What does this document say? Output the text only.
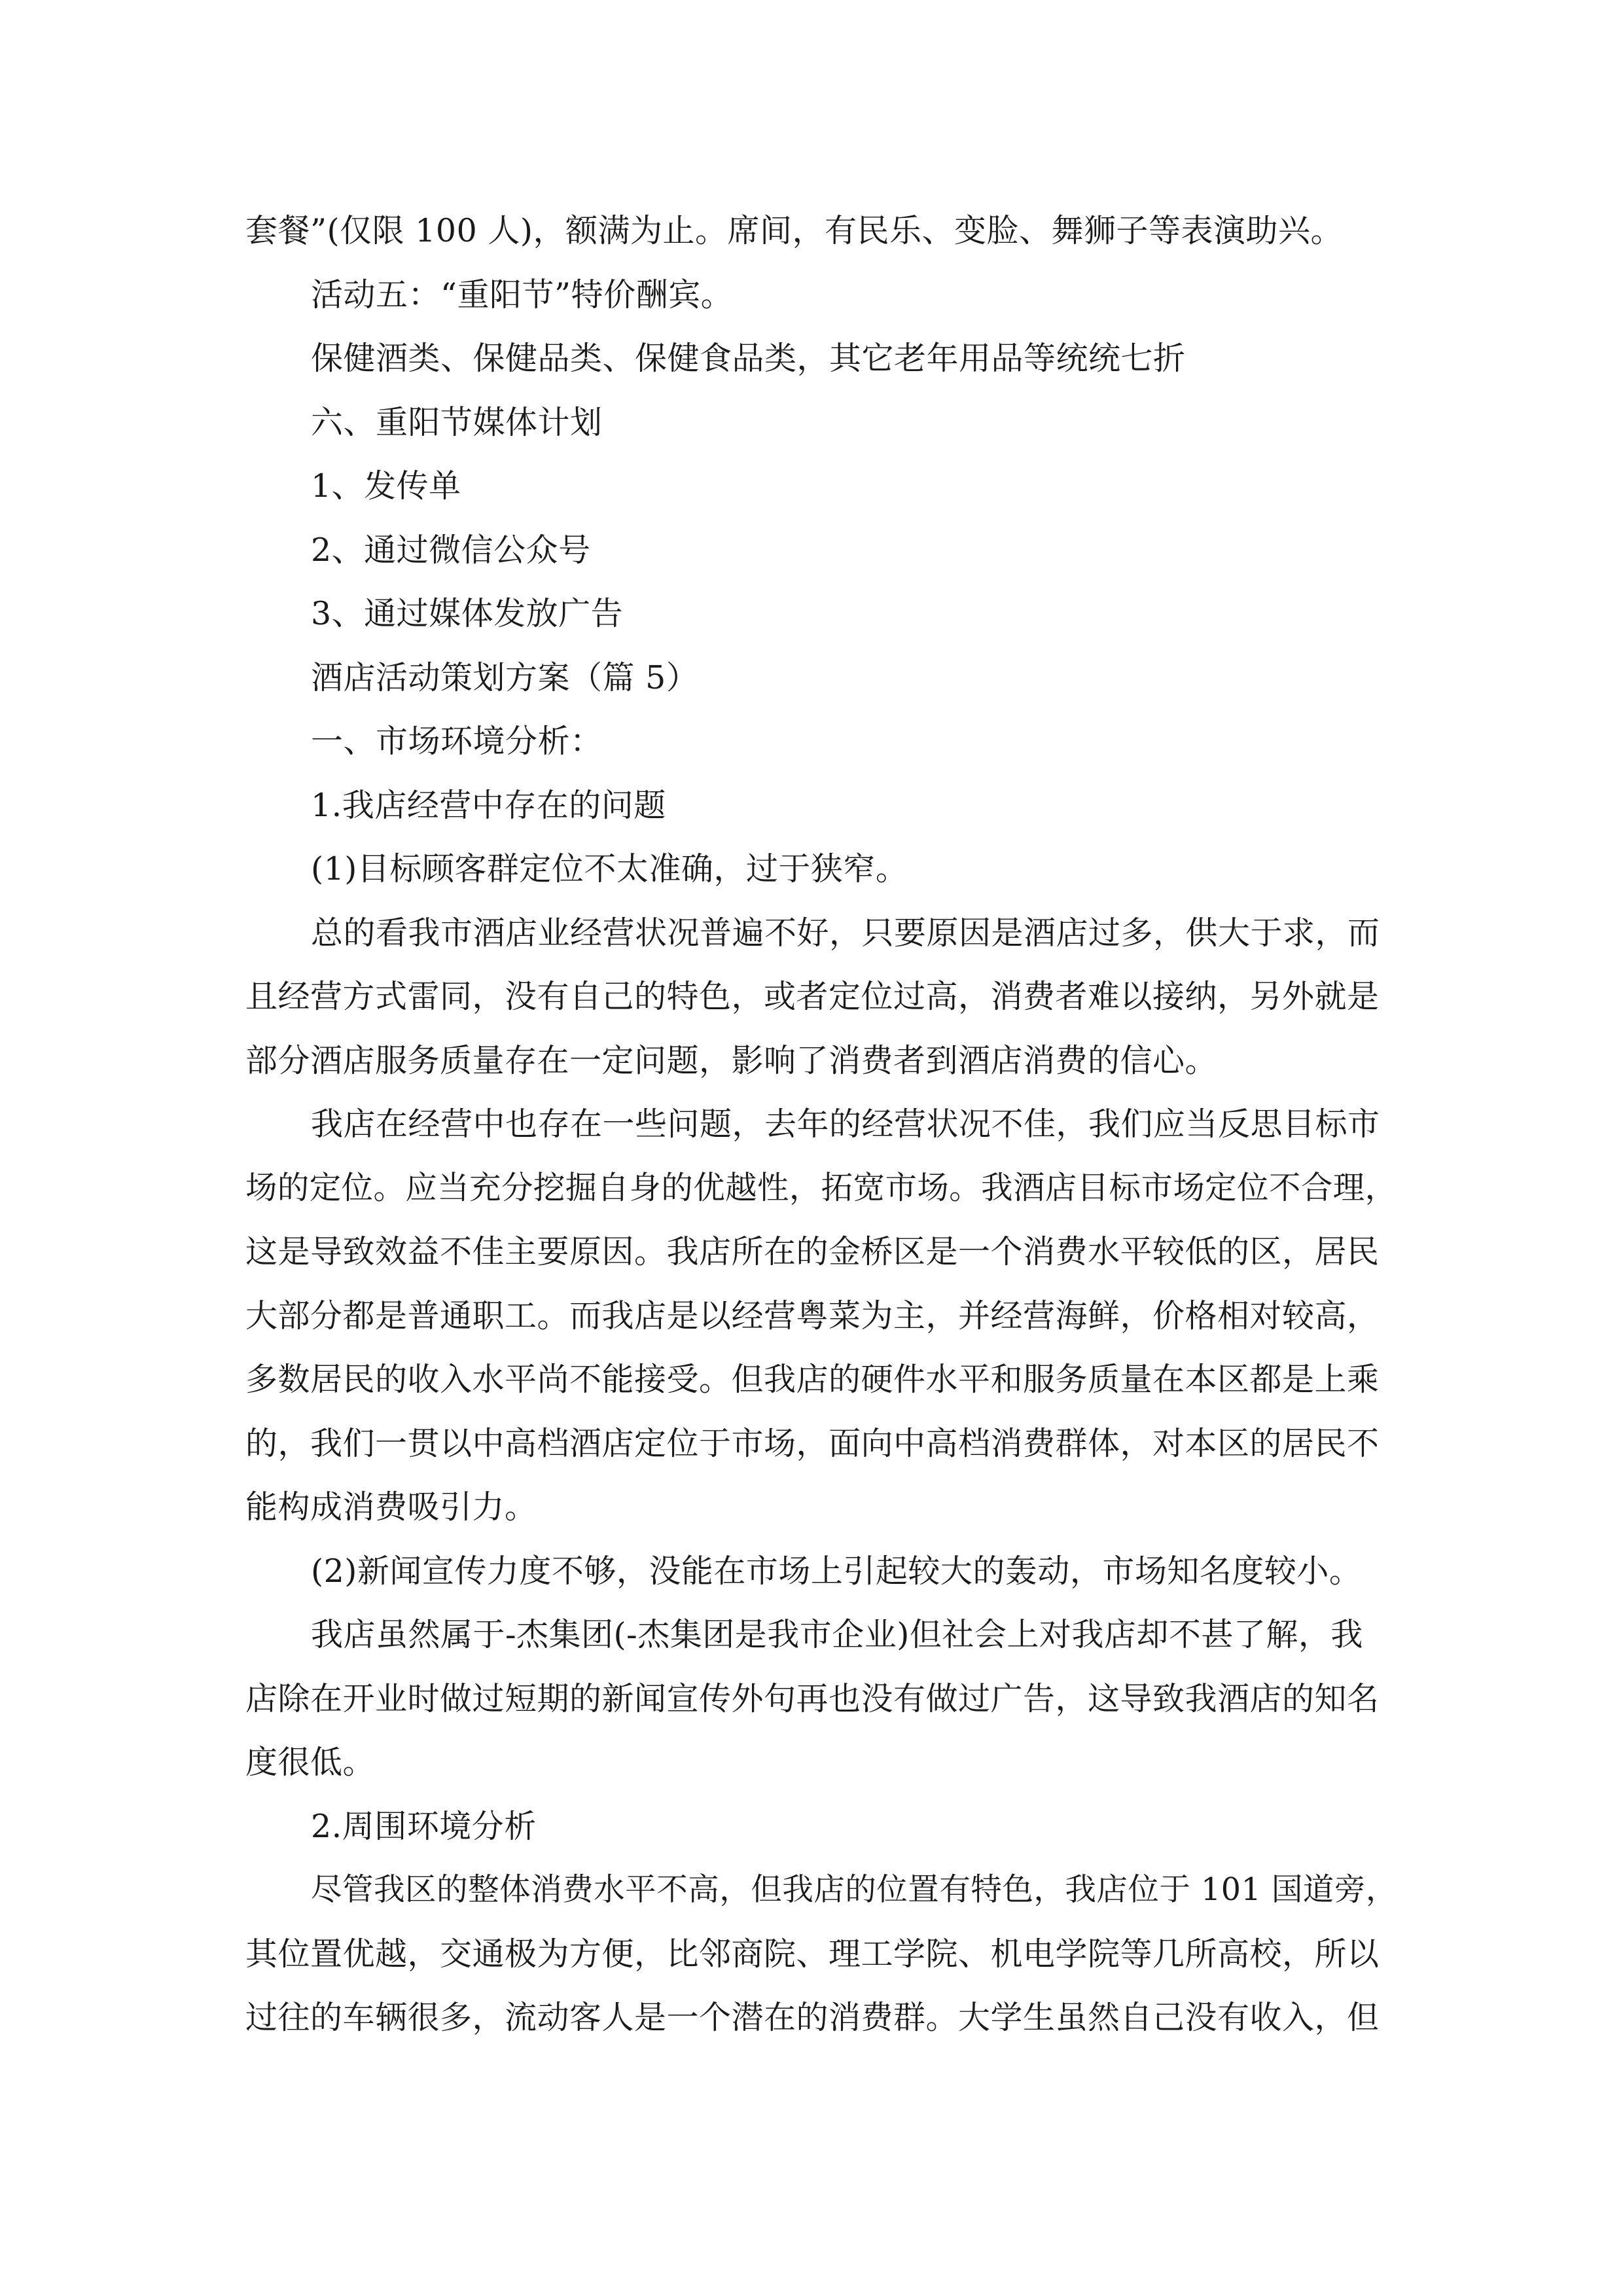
套餐”(仅限 100 人)，额满为止。席间，有民乐、变脸、舞狮子等表演助兴。
活动五：“重阳节”特价酬宾。
保健酒类、保健品类、保健食品类，其它老年用品等统统七折
六、重阳节媒体计划
1、发传单
2、通过微信公众号
3、通过媒体发放广告
酒店活动策划方案（篇 5）
一、市场环境分析：
1.我店经营中存在的问题
(1)目标顾客群定位不太准确，过于狭窄。
总的看我市酒店业经营状况普遍不好，只要原因是酒店过多，供大于求，而
且经营方式雷同，没有自己的特色，或者定位过高，消费者难以接纳，另外就是
部分酒店服务质量存在一定问题，影响了消费者到酒店消费的信心。
我店在经营中也存在一些问题，去年的经营状况不佳，我们应当反思目标市
场的定位。应当充分挖掘自身的优越性，拓宽市场。我酒店目标市场定位不合理，
这是导致效益不佳主要原因。我店所在的金桥区是一个消费水平较低的区，居民
大部分都是普通职工。而我店是以经营粤菜为主，并经营海鲜，价格相对较高，
多数居民的收入水平尚不能接受。但我店的硬件水平和服务质量在本区都是上乘
的，我们一贯以中高档酒店定位于市场，面向中高档消费群体，对本区的居民不
能构成消费吸引力。
(2)新闻宣传力度不够，没能在市场上引起较大的轰动，市场知名度较小。
我店虽然属于-杰集团(-杰集团是我市企业)但社会上对我店却不甚了解，我
店除在开业时做过短期的新闻宣传外句再也没有做过广告，这导致我酒店的知名
度很低。
2.周围环境分析
尽管我区的整体消费水平不高，但我店的位置有特色，我店位于 101 国道旁，
其位置优越，交通极为方便，比邻商院、理工学院、机电学院等几所高校，所以
过往的车辆很多，流动客人是一个潜在的消费群。大学生虽然自己没有收入，但
